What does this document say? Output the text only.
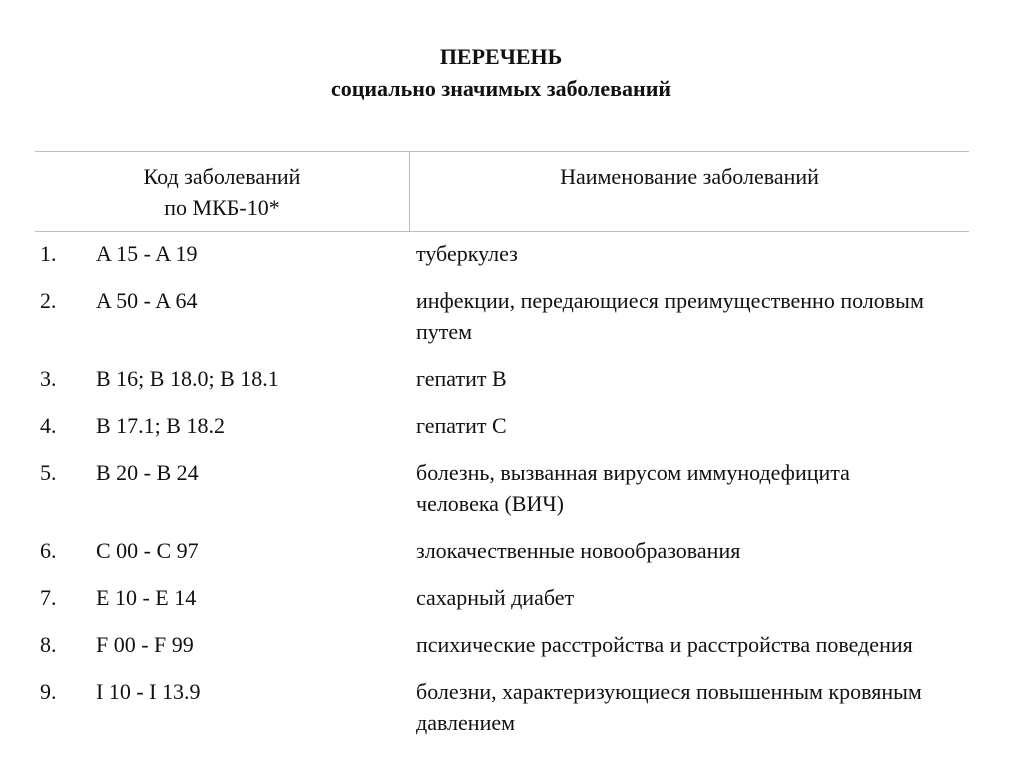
ПЕРЕЧЕНЬ
социально значимых заболеваний
Код заболеваний
по МКБ-10*
Наименование заболеваний
1. A 15 - A 19	туберкулез
2. A 50 - A 64	инфекции, передающиеся преимущественно половым путем
3. B 16; B 18.0; B 18.1	гепатит B
4. B 17.1; B 18.2	гепатит C
5. B 20 - B 24	болезнь, вызванная вирусом иммунодефицита человека (ВИЧ)
6. C 00 - C 97	злокачественные новообразования
7. E 10 - E 14	сахарный диабет
8. F 00 - F 99	психические расстройства и расстройства поведения
9. I 10 - I 13.9	болезни, характеризующиеся повышенным кровяным давлением
